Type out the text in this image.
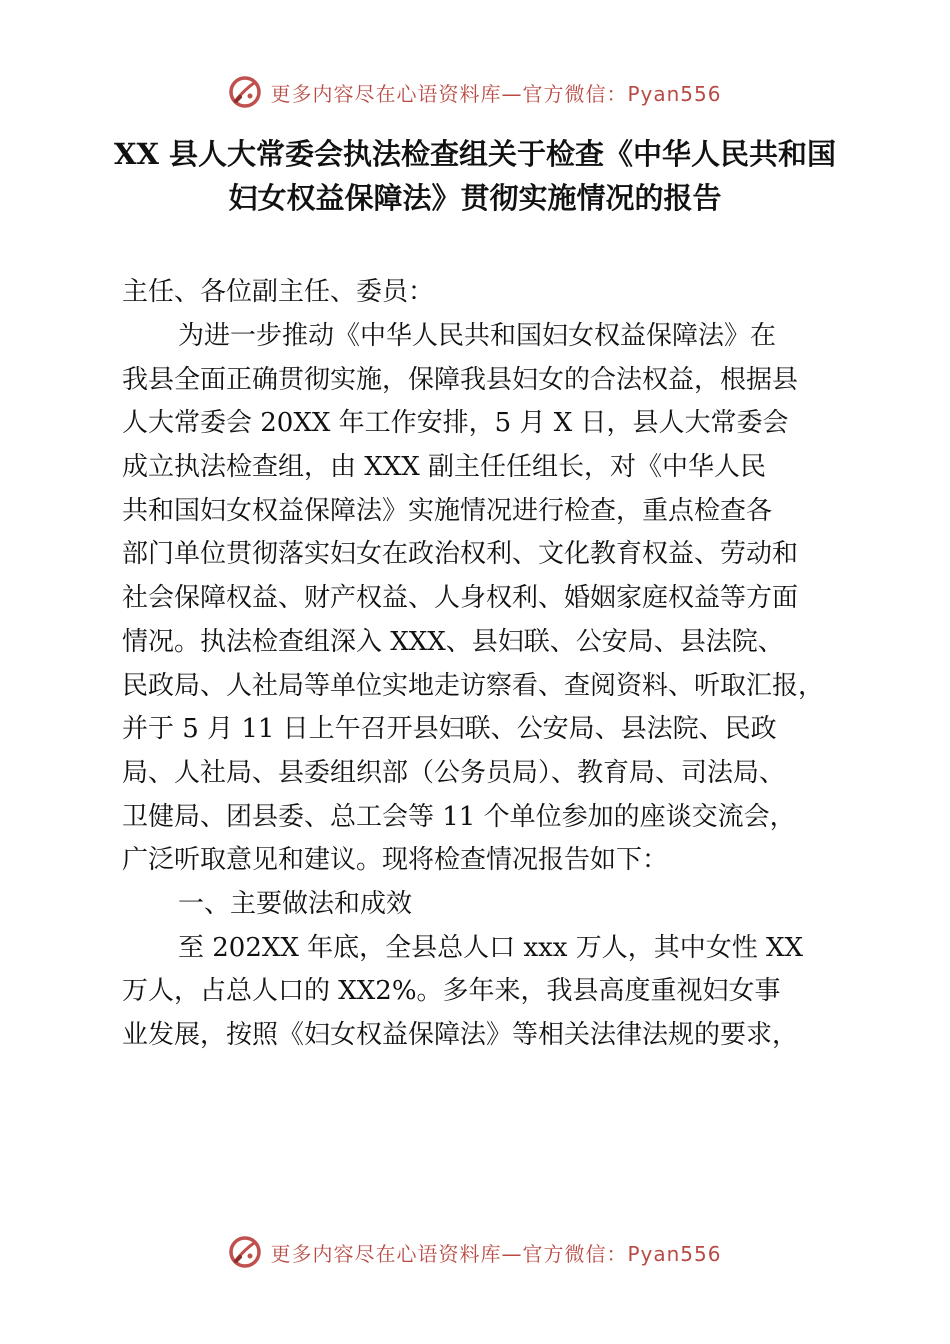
更多内容尽在心语资料库—官方微信：Pyan556
XX 县人大常委会执法检查组关于检查《中华人民共和国
妇女权益保障法》贯彻实施情况的报告
主任、各位副主任、委员：
为进一步推动《中华人民共和国妇女权益保障法》在
我县全面正确贯彻实施，保障我县妇女的合法权益，根据县
人大常委会 20XX 年工作安排，5 月 X 日，县人大常委会
成立执法检查组，由 XXX 副主任任组长，对《中华人民
共和国妇女权益保障法》实施情况进行检查，重点检查各
部门单位贯彻落实妇女在政治权利、文化教育权益、劳动和
社会保障权益、财产权益、人身权利、婚姻家庭权益等方面
情况。执法检查组深入 XXX、县妇联、公安局、县法院、
民政局、人社局等单位实地走访察看、查阅资料、听取汇报，
并于 5 月 11 日上午召开县妇联、公安局、县法院、民政
局、人社局、县委组织部（公务员局）、教育局、司法局、
卫健局、团县委、总工会等 11 个单位参加的座谈交流会，
广泛听取意见和建议。现将检查情况报告如下：
一、主要做法和成效
至 202XX 年底，全县总人口 xxx 万人，其中女性 XX
万人，占总人口的 XX2%。多年来，我县高度重视妇女事
业发展，按照《妇女权益保障法》等相关法律法规的要求，
更多内容尽在心语资料库—官方微信：Pyan556
